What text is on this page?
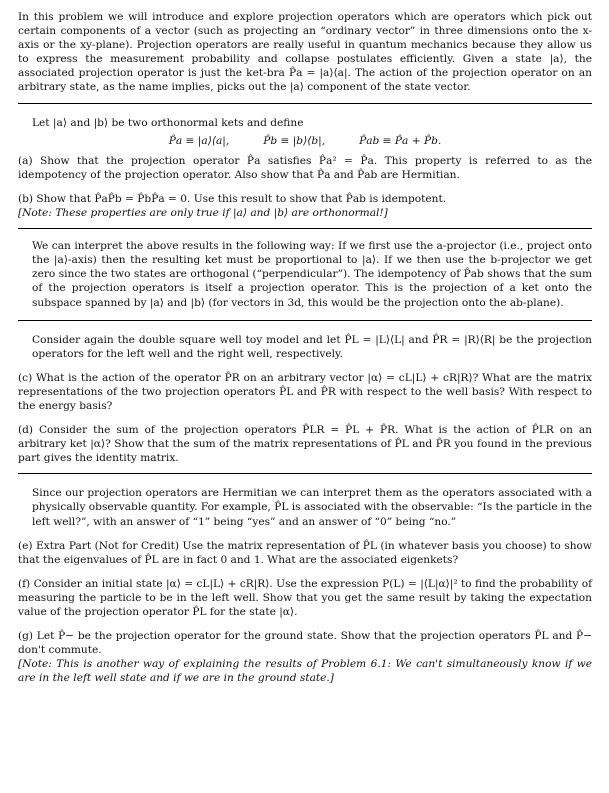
In this problem we will introduce and explore projection operators which are operators which pick out certain components of a vector (such as projecting an “ordinary vector” in three dimensions onto the x-axis or the xy-plane). Projection operators are really useful in quantum mechanics because they allow us to express the measurement probability and collapse postulates efficiently. Given a state |a⟩, the associated projection operator is just the ket-bra P̂a = |a⟩⟨a|. The action of the projection operator on an arbitrary state, as the name implies, picks out the |a⟩ component of the state vector.

Let |a⟩ and |b⟩ be two orthonormal kets and define

P̂a ≡ |a⟩⟨a|,	P̂b ≡ |b⟩⟨b|,	P̂ab ≡ P̂a + P̂b.

(a) Show that the projection operator P̂a satisfies P̂a² = P̂a. This property is referred to as the idempotency of the projection operator. Also show that P̂a and P̂ab are Hermitian.

(b) Show that P̂aP̂b = P̂bP̂a = 0. Use this result to show that P̂ab is idempotent.

[Note: These properties are only true if |a⟩ and |b⟩ are orthonormal!]

We can interpret the above results in the following way: If we first use the a-projector (i.e., project onto the |a⟩-axis) then the resulting ket must be proportional to |a⟩. If we then use the b-projector we get zero since the two states are orthogonal (“perpendicular”). The idempotency of P̂ab shows that the sum of the projection operators is itself a projection operator. This is the projection of a ket onto the subspace spanned by |a⟩ and |b⟩ (for vectors in 3d, this would be the projection onto the ab-plane).

Consider again the double square well toy model and let P̂L = |L⟩⟨L| and P̂R = |R⟩⟨R| be the projection operators for the left well and the right well, respectively.

(c) What is the action of the operator P̂R on an arbitrary vector |α⟩ = cL|L⟩ + cR|R⟩? What are the matrix representations of the two projection operators P̂L and P̂R with respect to the well basis? With respect to the energy basis?

(d) Consider the sum of the projection operators P̂LR = P̂L + P̂R. What is the action of P̂LR on an arbitrary ket |α⟩? Show that the sum of the matrix representations of P̂L and P̂R you found in the previous part gives the identity matrix.

Since our projection operators are Hermitian we can interpret them as the operators associated with a physically observable quantity. For example, P̂L is associated with the observable: “Is the particle in the left well?”, with an answer of “1” being “yes” and an answer of “0” being “no.”

(e) Extra Part (Not for Credit) Use the matrix representation of P̂L (in whatever basis you choose) to show that the eigenvalues of P̂L are in fact 0 and 1. What are the associated eigenkets?

(f) Consider an initial state |α⟩ = cL|L⟩ + cR|R⟩. Use the expression P(L) = |⟨L|α⟩|² to find the probability of measuring the particle to be in the left well. Show that you get the same result by taking the expectation value of the projection operator P̂L for the state |α⟩.

(g) Let P̂− be the projection operator for the ground state. Show that the projection operators P̂L and P̂− don't commute.

[Note: This is another way of explaining the results of Problem 6.1: We can't simultaneously know if we are in the left well state and if we are in the ground state.]
